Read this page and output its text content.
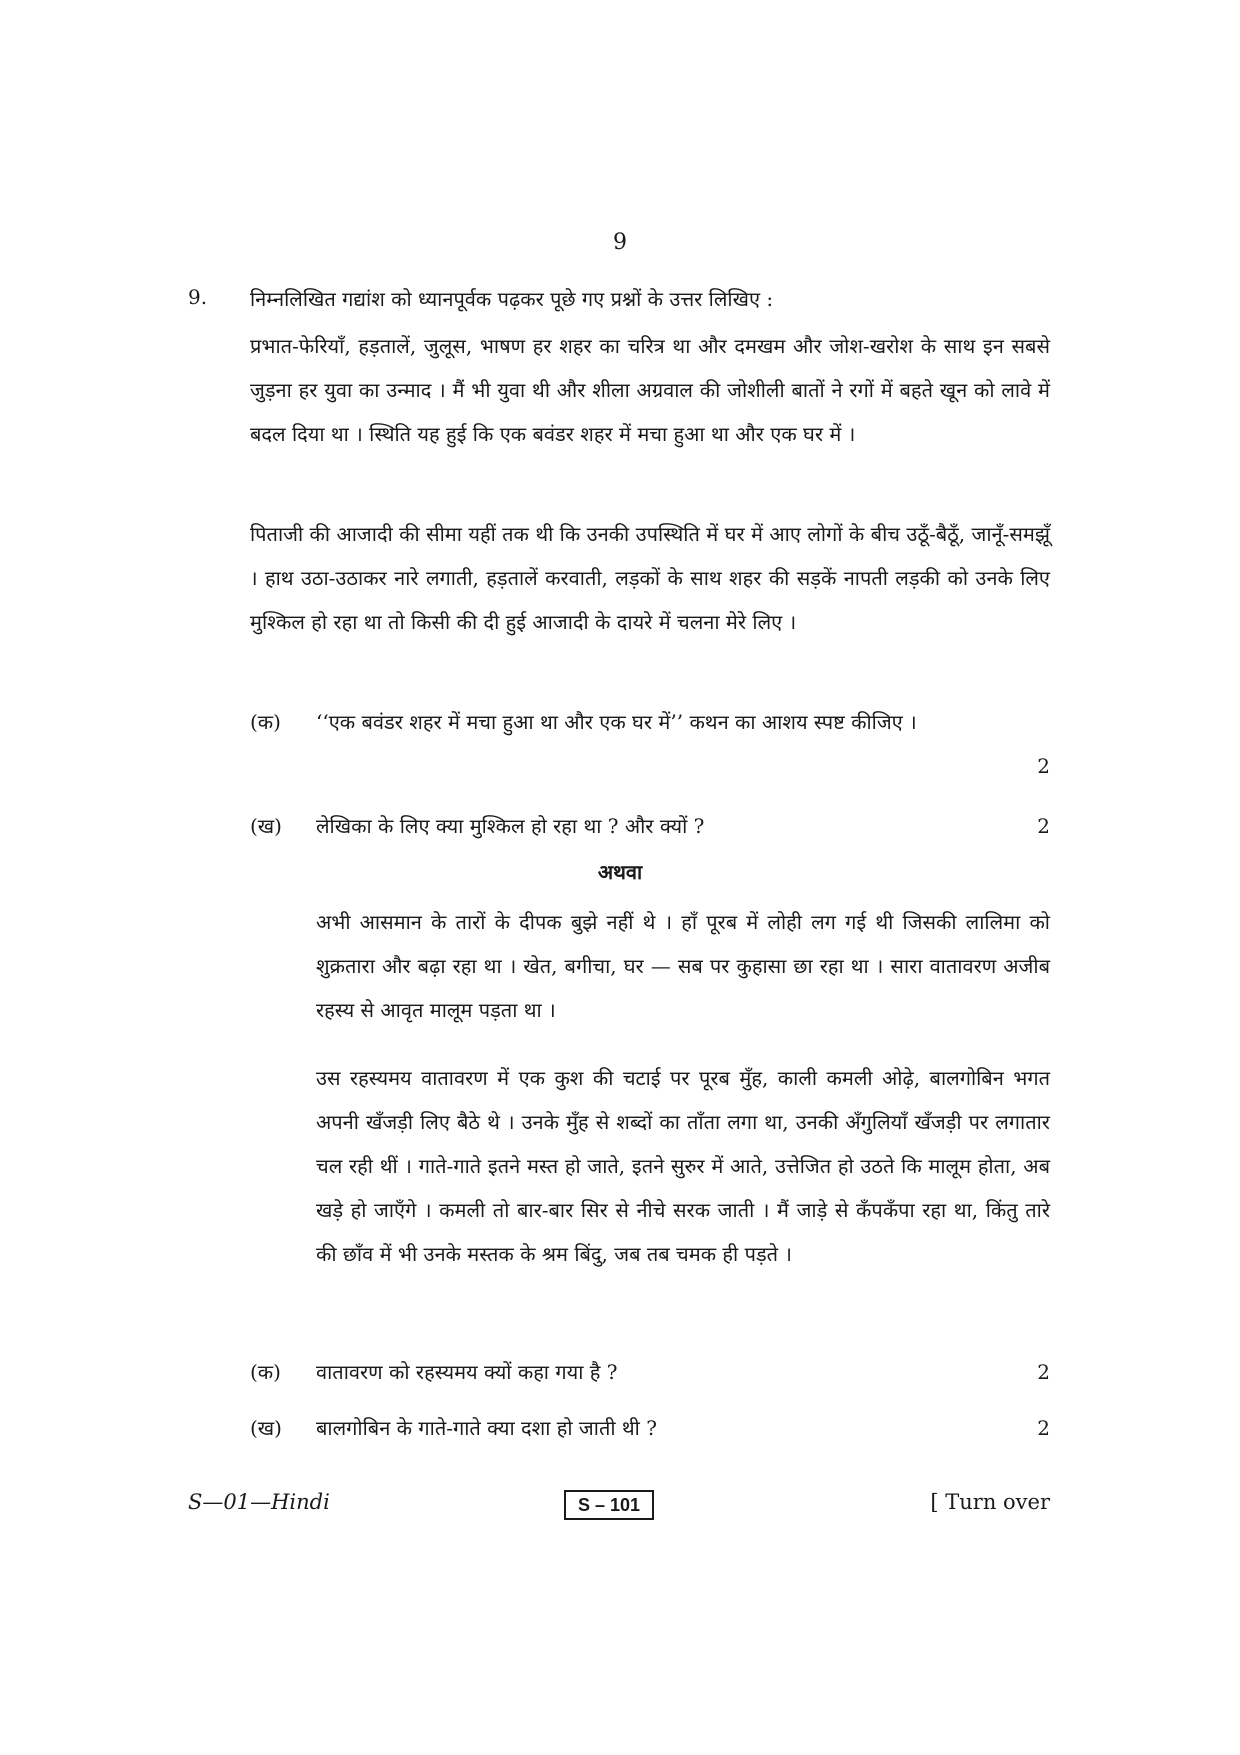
9
9. निम्नलिखित गद्यांश को ध्यानपूर्वक पढ़कर पूछे गए प्रश्नों के उत्तर लिखिए :

प्रभात-फेरियाँ, हड़तालें, जुलूस, भाषण हर शहर का चरित्र था और दमखम और जोश-खरोश के साथ इन सबसे जुड़ना हर युवा का उन्माद । मैं भी युवा थी और शीला अग्रवाल की जोशीली बातों ने रगों में बहते खून को लावे में बदल दिया था । स्थिति यह हुई कि एक बवंडर शहर में मचा हुआ था और एक घर में ।

पिताजी की आजादी की सीमा यहीं तक थी कि उनकी उपस्थिति में घर में आए लोगों के बीच उठूँ-बैठूँ, जानूँ-समझूँ । हाथ उठा-उठाकर नारे लगाती, हड़तालें करवाती, लड़कों के साथ शहर की सड़कें नापती लड़की को उनके लिए मुश्किल हो रहा था तो किसी की दी हुई आजादी के दायरे में चलना मेरे लिए ।

(क) ‘‘एक बवंडर शहर में मचा हुआ था और एक घर में’’ कथन का आशय स्पष्ट कीजिए ।
2
(ख) लेखिका के लिए क्या मुश्किल हो रहा था ? और क्यों ?	2
अथवा

अभी आसमान के तारों के दीपक बुझे नहीं थे । हाँ पूरब में लोही लग गई थी जिसकी लालिमा को शुक्रतारा और बढ़ा रहा था । खेत, बगीचा, घर — सब पर कुहासा छा रहा था । सारा वातावरण अजीब रहस्य से आवृत मालूम पड़ता था ।

उस रहस्यमय वातावरण में एक कुश की चटाई पर पूरब मुँह, काली कमली ओढ़े, बालगोबिन भगत अपनी खँजड़ी लिए बैठे थे । उनके मुँह से शब्दों का ताँता लगा था, उनकी अँगुलियाँ खँजड़ी पर लगातार चल रही थीं । गाते-गाते इतने मस्त हो जाते, इतने सुरुर में आते, उत्तेजित हो उठते कि मालूम होता, अब खड़े हो जाएँगे । कमली तो बार-बार सिर से नीचे सरक जाती । मैं जाड़े से कँपकँपा रहा था, किंतु तारे की छाँव में भी उनके मस्तक के श्रम बिंदु, जब तब चमक ही पड़ते ।

(क) वातावरण को रहस्यमय क्यों कहा गया है ?	2
(ख) बालगोबिन के गाते-गाते क्या दशा हो जाती थी ?	2
S—01—Hindi	S – 101	[ Turn over
